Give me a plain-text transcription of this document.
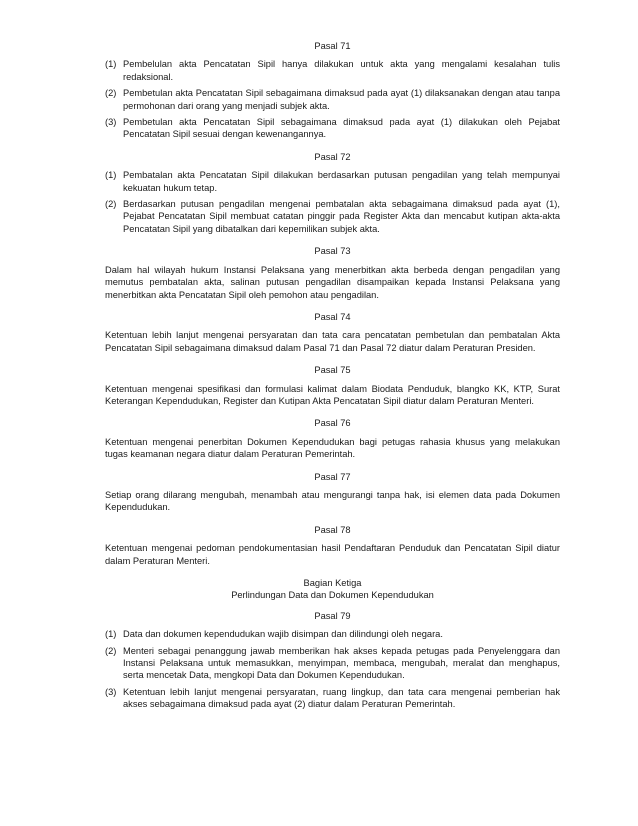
Pasal 71

(1) Pembelulan akta Pencatatan Sipil hanya dilakukan untuk akta yang mengalami kesalahan tulis redaksional.
(2) Pembetulan akta Pencatatan Sipil sebagaimana dimaksud pada ayat (1) dilaksanakan dengan atau tanpa permohonan dari orang yang menjadi subjek akta.
(3) Pembetulan akta Pencatatan Sipil sebagaimana dimaksud pada ayat (1) dilakukan oleh Pejabat Pencatatan Sipil sesuai dengan kewenangannya.

Pasal 72

(1) Pembatalan akta Pencatatan Sipil dilakukan berdasarkan putusan pengadilan yang telah mempunyai kekuatan hukum tetap.
(2) Berdasarkan putusan pengadilan mengenai pembatalan akta sebagaimana dimaksud pada ayat (1), Pejabat Pencatatan Sipil membuat catatan pinggir pada Register Akta dan mencabut kutipan akta-akta Pencatatan Sipil yang dibatalkan dari kepemilikan subjek akta.

Pasal 73

Dalam hal wilayah hukum Instansi Pelaksana yang menerbitkan akta berbeda dengan pengadilan yang memutus pembatalan akta, salinan putusan pengadilan disampaikan kepada Instansi Pelaksana yang menerbitkan akta Pencatatan Sipil oleh pemohon atau pengadilan.

Pasal 74

Ketentuan lebih lanjut mengenai persyaratan dan tata cara pencatatan pembetulan dan pembatalan Akta Pencatatan Sipil sebagaimana dimaksud dalam Pasal 71 dan Pasal 72 diatur dalam Peraturan Presiden.

Pasal 75

Ketentuan mengenai spesifikasi dan formulasi kalimat dalam Biodata Penduduk, blangko KK, KTP, Surat Keterangan Kependudukan, Register dan Kutipan Akta Pencatatan Sipil diatur dalam Peraturan Menteri.

Pasal 76

Ketentuan mengenai penerbitan Dokumen Kependudukan bagi petugas rahasia khusus yang melakukan tugas keamanan negara diatur dalam Peraturan Pemerintah.

Pasal 77

Setiap orang dilarang mengubah, menambah atau mengurangi tanpa hak, isi elemen data pada Dokumen Kependudukan.

Pasal 78

Ketentuan mengenai pedoman pendokumentasian hasil Pendaftaran Penduduk dan Pencatatan Sipil diatur dalam Peraturan Menteri.

Bagian Ketiga

Perlindungan Data dan Dokumen Kependudukan

Pasal 79

(1) Data dan dokumen kependudukan wajib disimpan dan dilindungi oleh negara.
(2) Menteri sebagai penanggung jawab memberikan hak akses kepada petugas pada Penyelenggara dan Instansi Pelaksana untuk memasukkan, menyimpan, membaca, mengubah, meralat dan menghapus, serta mencetak Data, mengkopi Data dan Dokumen Kependudukan.
(3) Ketentuan lebih lanjut mengenai persyaratan, ruang lingkup, dan tata cara mengenai pemberian hak akses sebagaimana dimaksud pada ayat (2) diatur dalam Peraturan Pemerintah.
